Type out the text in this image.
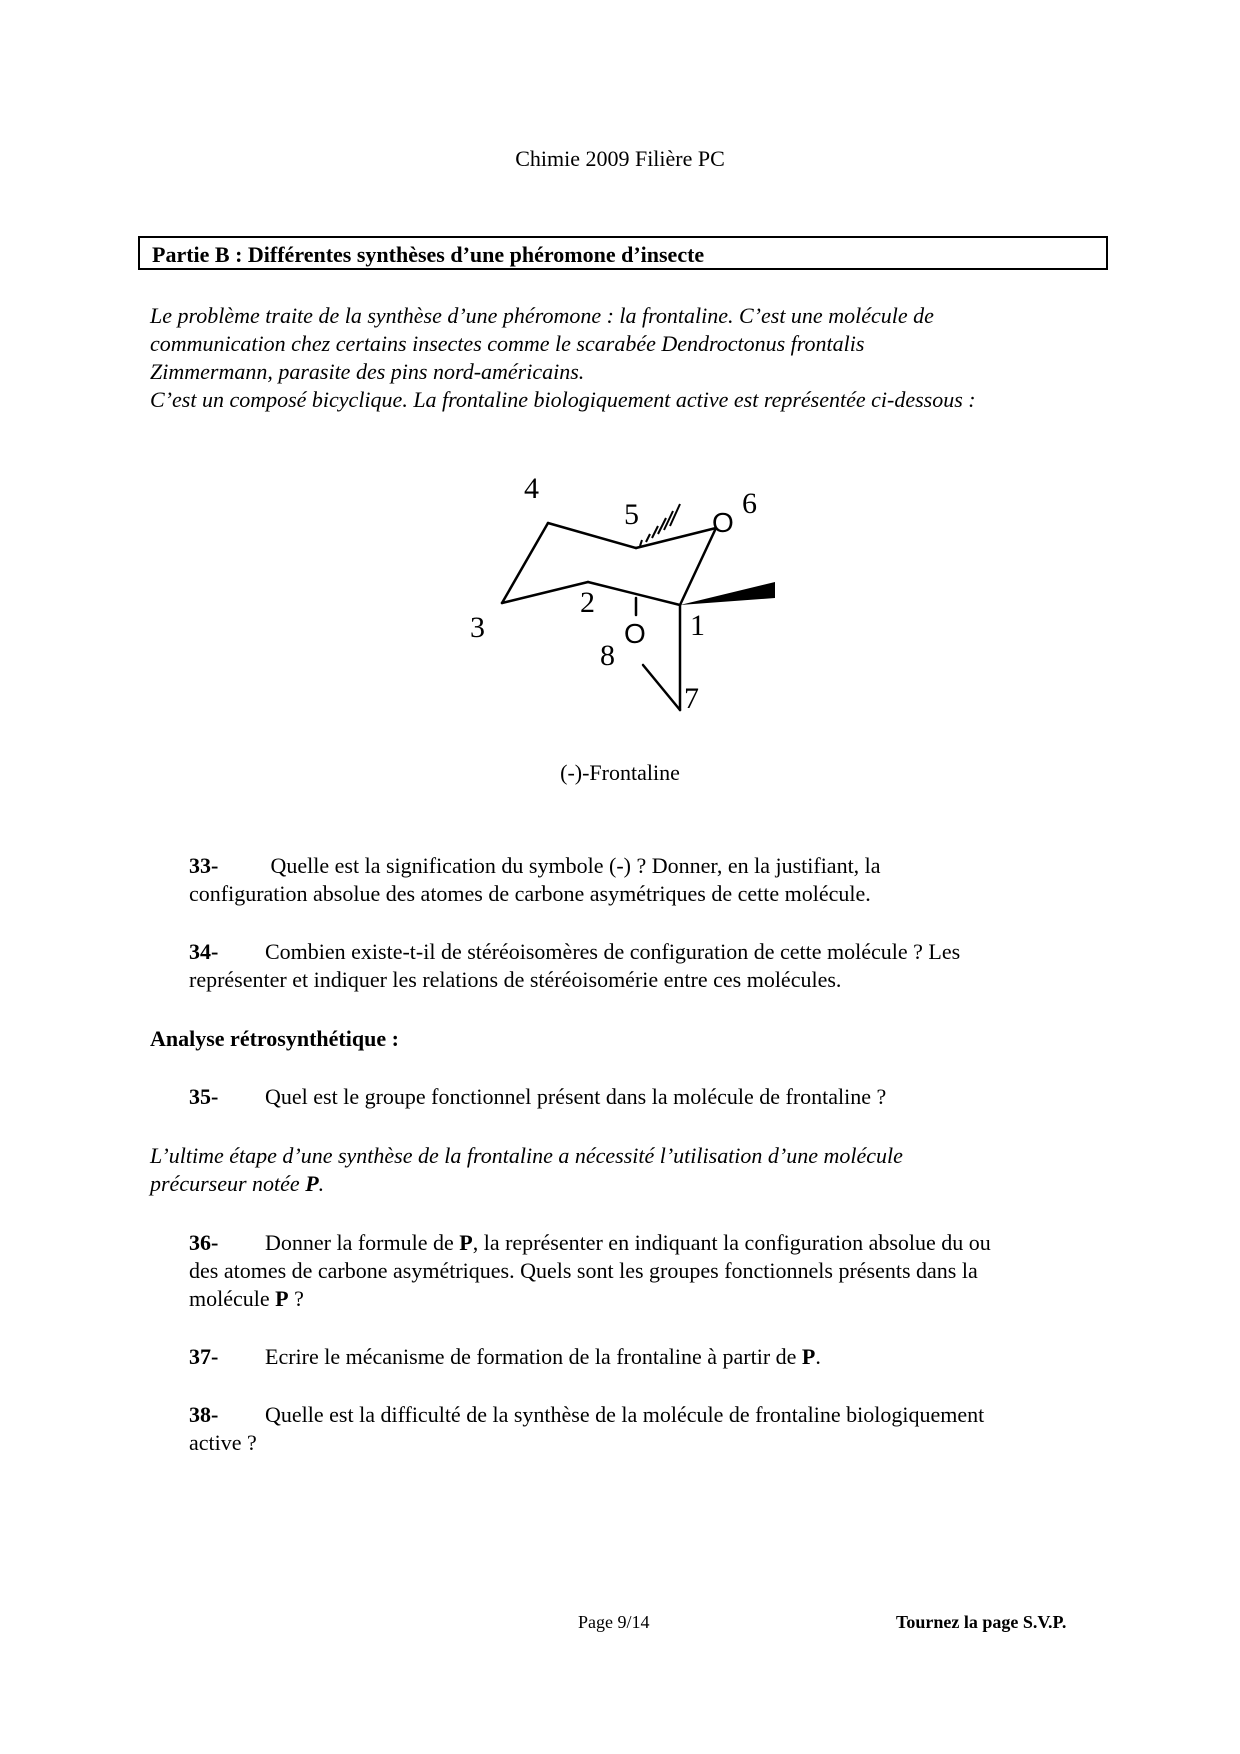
Chimie 2009 Filière PC
Partie B : Différentes synthèses d’une phéromone d’insecte
Le problème traite de la synthèse d’une phéromone : la frontaline. C’est une molécule de
communication chez certains insectes comme le scarabée Dendroctonus frontalis
Zimmermann, parasite des pins nord-américains.
C’est un composé bicyclique. La frontaline biologiquement active est représentée ci-dessous :
4
5	6
3
2
1
8
7
O
O
(-)-Frontaline
33- Quelle est la signification du symbole (-) ? Donner, en la justifiant, la
configuration absolue des atomes de carbone asymétriques de cette molécule.
34- Combien existe-t-il de stéréoisomères de configuration de cette molécule ? Les
représenter et indiquer les relations de stéréoisomérie entre ces molécules.
Analyse rétrosynthétique :
35- Quel est le groupe fonctionnel présent dans la molécule de frontaline ?
L’ultime étape d’une synthèse de la frontaline a nécessité l’utilisation d’une molécule
précurseur notée P.
36- Donner la formule de P, la représenter en indiquant la configuration absolue du ou
des atomes de carbone asymétriques. Quels sont les groupes fonctionnels présents dans la
molécule P ?
37- Ecrire le mécanisme de formation de la frontaline à partir de P.
38- Quelle est la difficulté de la synthèse de la molécule de frontaline biologiquement
active ?
Page 9/14	Tournez la page S.V.P.
